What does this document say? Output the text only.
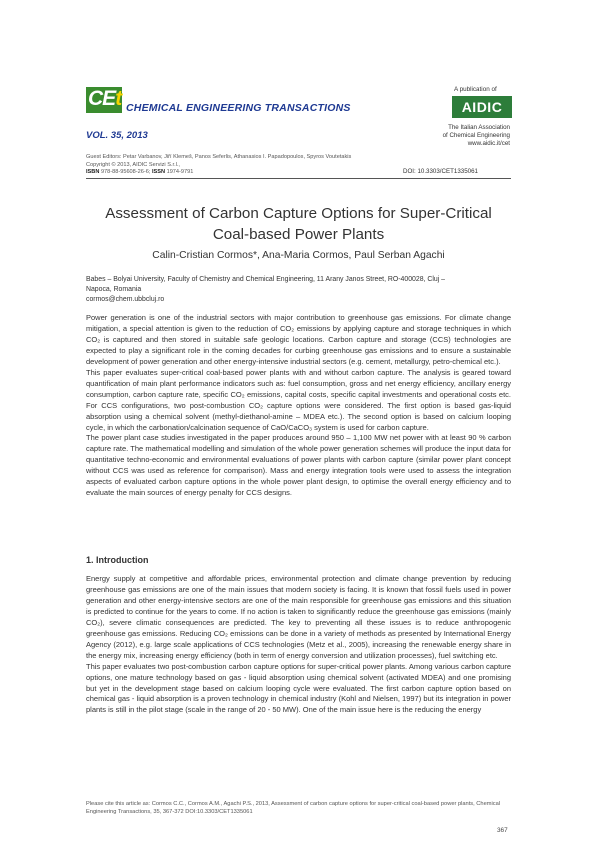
CEt CHEMICAL ENGINEERING TRANSACTIONS
VOL. 35, 2013
A publication of
AIDIC
The Italian Association
of Chemical Engineering
www.aidic.it/cet
Guest Editors: Petar Varbanov, Jiří Klemeš, Panos Seferlis, Athanasios I. Papadopoulos, Spyros Voutetakis
Copyright © 2013, AIDIC Servizi S.r.l.,
ISBN 978-88-95608-26-6; ISSN 1974-9791	DOI: 10.3303/CET1335061
Assessment of Carbon Capture Options for Super-Critical
Coal-based Power Plants
Calin-Cristian Cormos*, Ana-Maria Cormos, Paul Serban Agachi
Babes – Bolyai University, Faculty of Chemistry and Chemical Engineering, 11 Arany Janos Street, RO-400028, Cluj –
Napoca, Romania
cormos@chem.ubbcluj.ro

Power generation is one of the industrial sectors with major contribution to greenhouse gas emissions. For climate change mitigation, a special attention is given to the reduction of CO₂ emissions by applying capture and storage techniques in which CO₂ is captured and then stored in suitable safe geologic locations. Carbon capture and storage (CCS) technologies are expected to play a significant role in the coming decades for curbing greenhouse gas emissions and to ensure a sustainable development of power generation and other energy-intensive industrial sectors (e.g. cement, metallurgy, petro-chemical etc.).

This paper evaluates super-critical coal-based power plants with and without carbon capture. The analysis is geared toward quantification of main plant performance indicators such as: fuel consumption, gross and net energy efficiency, ancillary energy consumption, carbon capture rate, specific CO₂ emissions, capital costs, specific capital investments and operational costs etc. For CCS configurations, two post-combustion CO₂ capture options were considered. The first option is based gas-liquid absorption using a chemical solvent (methyl-diethanol-amine – MDEA etc.). The second option is based on calcium looping cycle, in which the carbonation/calcination sequence of CaO/CaCO₃ system is used for carbon capture.

The power plant case studies investigated in the paper produces around 950 – 1,100 MW net power with at least 90 % carbon capture rate. The mathematical modelling and simulation of the whole power generation schemes will produce the input data for quantitative techno-economic and environmental evaluations of power plants with carbon capture (similar power plant concept without CCS was used as reference for comparison). Mass and energy integration tools were used to assess the integration aspects of evaluated carbon capture options in the whole power plant design, to optimise the overall energy efficiency and to evaluate the main sources of energy penalty for CCS designs.

1. Introduction

Energy supply at competitive and affordable prices, environmental protection and climate change prevention by reducing greenhouse gas emissions are one of the main issues that modern society is facing. It is known that fossil fuels used in power generation and other energy-intensive sectors are one of the main responsible for greenhouse gas emissions and this situation is predicted to continue for the years to come. If no action is taken to significantly reduce the greenhouse gas emissions (mainly CO₂), severe climatic consequences are predicted. The key to preventing all these issues is to reduce anthropogenic greenhouse gas emissions. Reducing CO₂ emissions can be done in a variety of methods as presented by International Energy Agency (2012), e.g. large scale applications of CCS technologies (Metz et al., 2005), increasing the renewable energy share in the energy mix, increasing energy efficiency (both in term of energy conversion and utilization processes), fuel switching etc.

This paper evaluates two post-combustion carbon capture options for super-critical power plants. Among various carbon capture options, one mature technology based on gas - liquid absorption using chemical solvent (activated MDEA) and one promising but yet in the development stage based on calcium looping cycle were evaluated. The first carbon capture option based on chemical gas - liquid absorption is a proven technology in chemical industry (Kohl and Nielsen, 1997) but its integration in power plants is still in the pilot stage (scale in the range of 20 - 50 MW). One of the main issue here is the reducing the energy

Please cite this article as: Cormos C.C., Cormos A.M., Agachi P.S., 2013, Assessment of carbon capture options for super-critical coal-based power plants, Chemical Engineering Transactions, 35, 367-372 DOI:10.3303/CET1335061
367
